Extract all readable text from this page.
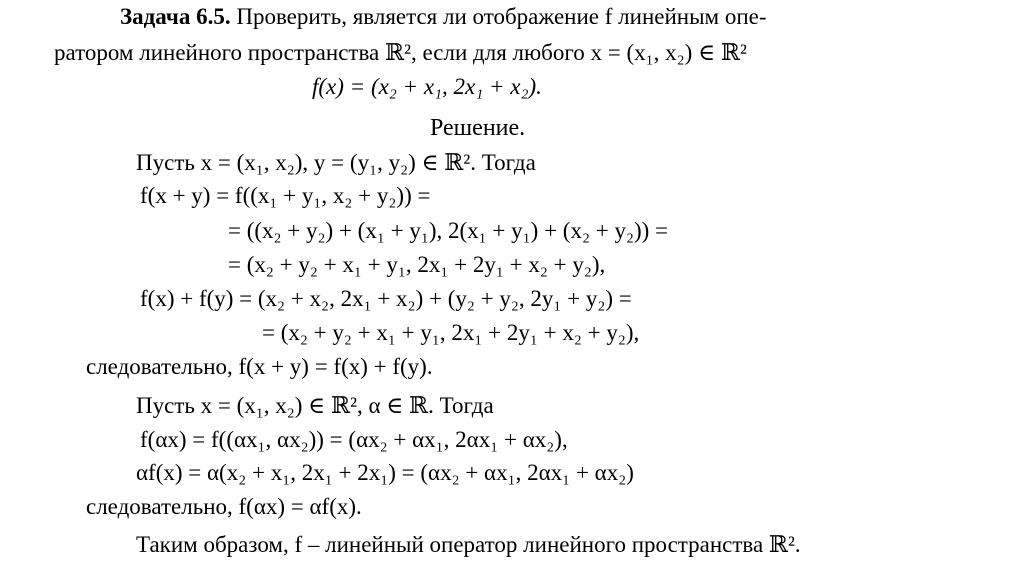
Задача 6.5. Проверить, является ли отображение f линейным опе-
ратором линейного пространства ℝ², если для любого x = (x₁, x₂) ∈ ℝ²
f(x) = (x₂ + x₁, 2x₁ + x₂).
Решение.
Пусть x = (x₁, x₂), y = (y₁, y₂) ∈ ℝ². Тогда
f(x + y) = f((x₁ + y₁, x₂ + y₂)) =
= ((x₂ + y₂) + (x₁ + y₁), 2(x₁ + y₁) + (x₂ + y₂)) =
= (x₂ + y₂ + x₁ + y₁, 2x₁ + 2y₁ + x₂ + y₂),
f(x) + f(y) = (x₂ + x₂, 2x₁ + x₂) + (y₂ + y₂, 2y₁ + y₂) =
= (x₂ + y₂ + x₁ + y₁, 2x₁ + 2y₁ + x₂ + y₂),
следовательно, f(x + y) = f(x) + f(y).
Пусть x = (x₁, x₂) ∈ ℝ², α ∈ ℝ. Тогда
f(αx) = f((αx₁, αx₂)) = (αx₂ + αx₁, 2αx₁ + αx₂),
αf(x) = α(x₂ + x₁, 2x₁ + 2x₁) = (αx₂ + αx₁, 2αx₁ + αx₂)
следовательно, f(αx) = αf(x).
Таким образом, f – линейный оператор линейного пространства ℝ².
